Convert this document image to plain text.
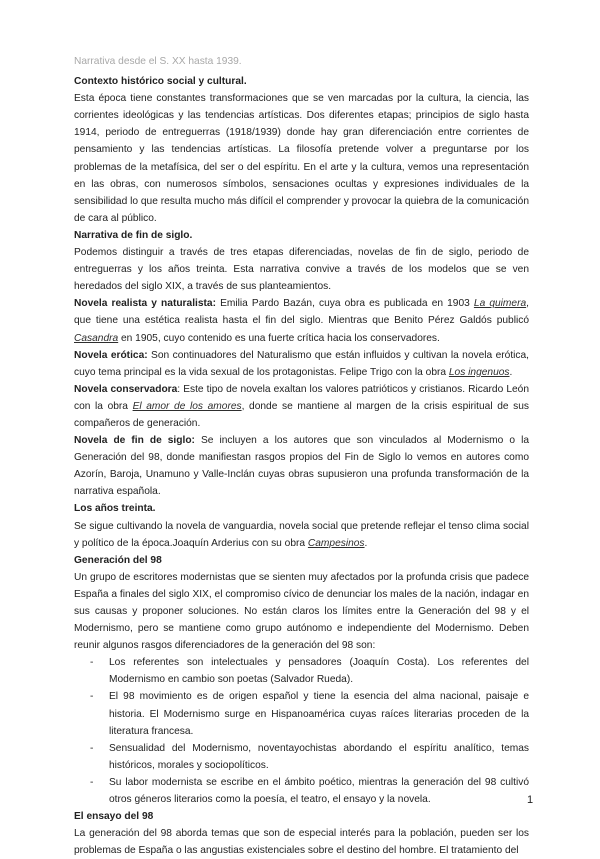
Narrativa desde el S. XX hasta 1939.

Contexto histórico social y cultural.

Esta época tiene constantes transformaciones que se ven marcadas por la cultura, la ciencia, las corrientes ideológicas y las tendencias artísticas. Dos diferentes etapas; principios de siglo hasta 1914, periodo de entreguerras (1918/1939) donde hay gran diferenciación entre corrientes de pensamiento y las tendencias artísticas. La filosofía pretende volver a preguntarse por los problemas de la metafísica, del ser o del espíritu. En el arte y la cultura, vemos una representación en las obras, con numerosos símbolos, sensaciones ocultas y expresiones individuales de la sensibilidad lo que resulta mucho más difícil el comprender y provocar la quiebra de la comunicación de cara al público.

Narrativa de fin de siglo.

Podemos distinguir a través de tres etapas diferenciadas, novelas de fin de siglo, periodo de entreguerras y los años treinta. Esta narrativa convive a través de los modelos que se ven heredados del siglo XIX, a través de sus planteamientos.

Novela realista y naturalista: Emilia Pardo Bazán, cuya obra es publicada en 1903 La quimera, que tiene una estética realista hasta el fin del siglo. Mientras que Benito Pérez Galdós publicó Casandra en 1905, cuyo contenido es una fuerte crítica hacia los conservadores.

Novela erótica: Son continuadores del Naturalismo que están influidos y cultivan la novela erótica, cuyo tema principal es la vida sexual de los protagonistas. Felipe Trigo con la obra Los ingenuos.

Novela conservadora: Este tipo de novela exaltan los valores patrióticos y cristianos. Ricardo León con la obra El amor de los amores, donde se mantiene al margen de la crisis espiritual de sus compañeros de generación.

Novela de fin de siglo: Se incluyen a los autores que son vinculados al Modernismo o la Generación del 98, donde manifiestan rasgos propios del Fin de Siglo lo vemos en autores como Azorín, Baroja, Unamuno y Valle-Inclán cuyas obras supusieron una profunda transformación de la narrativa española.

Los años treinta.

Se sigue cultivando la novela de vanguardia, novela social que pretende reflejar el tenso clima social y político de la época.Joaquín Arderius con su obra Campesinos.

Generación del 98

Un grupo de escritores modernistas que se sienten muy afectados por la profunda crisis que padece España a finales del siglo XIX, el compromiso cívico de denunciar los males de la nación, indagar en sus causas y proponer soluciones. No están claros los límites entre la Generación del 98 y el Modernismo, pero se mantiene como grupo autónomo e independiente del Modernismo. Deben reunir algunos rasgos diferenciadores de la generación del 98 son:

- Los referentes son intelectuales y pensadores (Joaquín Costa). Los referentes del Modernismo en cambio son poetas (Salvador Rueda).
- El 98 movimiento es de origen español y tiene la esencia del alma nacional, paisaje e historia. El Modernismo surge en Hispanoamérica cuyas raíces literarias proceden de la literatura francesa.
- Sensualidad del Modernismo, noventayochistas abordando el espíritu analítico, temas históricos, morales y sociopolíticos.
- Su labor modernista se escribe en el ámbito poético, mientras la generación del 98 cultivó otros géneros literarios como la poesía, el teatro, el ensayo y la novela.

El ensayo del 98

La generación del 98 aborda temas que son de especial interés para la población, pueden ser los problemas de España o las angustias existenciales sobre el destino del hombre. El tratamiento del

1
